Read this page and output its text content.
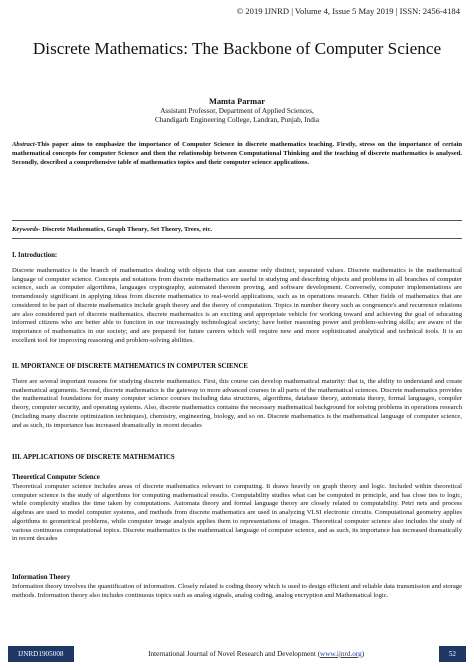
© 2019 IJNRD | Volume 4, Issue 5 May 2019 | ISSN: 2456-4184
Discrete Mathematics: The Backbone of Computer Science
Mamta Parmar
Assistant Professor, Department of Applied Sciences,
Chandigarh Engineering College, Landran, Punjab, India
Abstract-This paper aims to emphasize the importance of Computer Science in discrete mathematics teaching. Firstly, stress on the importance of certain mathematical concepts for computer Science and then the relationship between Computational Thinking and the teaching of discrete mathematics is analysed. Secondly, described a comprehensive table of mathematics topics and their computer science applications.
Keywords- Discrete Mathematics, Graph Theory, Set Theory, Trees, etc.
I. Introduction:
Discrete mathematics is the branch of mathematics dealing with objects that can assume only distinct, separated values. Discrete mathematics is the mathematical language of computer science. Concepts and notations from discrete mathematics are useful in studying and describing objects and problems in all branches of computer science, such as computer algorithms, languages cryptography, automated theorem proving, and software development. Conversely, computer implementations are tremendously significant in applying ideas from discrete mathematics to real-world applications, such as in operations research. Other fields of mathematics that are considered to be part of discrete mathematics include graph theory and the theory of computation. Topics in number theory such as congruence's and recurrence relations are also considered part of discrete mathematics. discrete mathematics is an exciting and appropriate vehicle for working toward and achieving the goal of educating informed citizens who are better able to function in our increasingly technological society; have better reasoning power and problem-solving skills; are aware of the importance of mathematics in our society; and are prepared for future careers which will require new and more sophisticated analytical and technical tools. It is an excellent tool for improving reasoning and problem-solving abilities.
II. MPORTANCE OF DISCRETE MATHEMATICS IN COMPUTER SCIENCE
There are several important reasons for studying discrete mathematics. First, this course can develop mathematical maturity: that is, the ability to understand and create mathematical arguments. Second, discrete mathematics is the gateway to more advanced courses in all parts of the mathematical sciences. Discrete mathematics provides the mathematical foundations for many computer science courses including data structures, algorithms, database theory, automata theory, formal languages, compiler theory, computer security, and operating systems. Also, discrete mathematics contains the necessary mathematical background for solving problems in operations research (including many discrete optimization techniques), chemistry, engineering, biology, and so on. Discrete mathematics is the mathematical language of computer science, and as such, its importance has increased dramatically in recent decades
III. APPLICATIONS OF DISCRETE MATHEMATICS
Theoretical Computer Science
Theoretical computer science includes areas of discrete mathematics relevant to computing. It draws heavily on graph theory and logic. Included within theoretical computer science is the study of algorithms for computing mathematical results. Computability studies what can be computed in principle, and has close ties to logic, while complexity studies the time taken by computations. Automata theory and formal language theory are closely related to computability. Petri nets and process algebras are used to model computer systems, and methods from discrete mathematics are used in analyzing VLSI electronic circuits. Computational geometry applies algorithms to geometrical problems, while computer image analysis applies them to representations of images. Theoretical computer science also includes the study of various continuous computational topics. Discrete mathematics is the mathematical language of computer science, and as such, its importance has increased dramatically in recent decades
Information Theory
Information theory involves the quantification of information. Closely related is coding theory which is used to design efficient and reliable data transmission and storage methods. Information theory also includes continuous topics such as analog signals, analog coding, analog encryption and Mathematical logic.
IJNRD1905008	International Journal of Novel Research and Development (www.ijnrd.org)	52
